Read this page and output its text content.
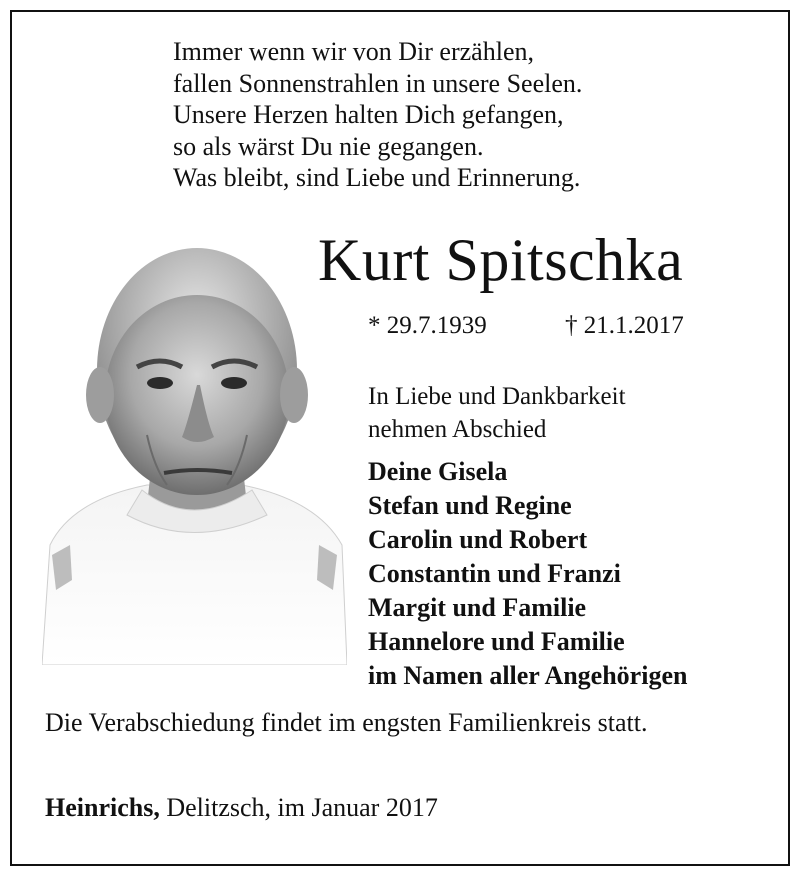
Immer wenn wir von Dir erzählen,
fallen Sonnenstrahlen in unsere Seelen.
Unsere Herzen halten Dich gefangen,
so als wärst Du nie gegangen.
Was bleibt, sind Liebe und Erinnerung.
Kurt Spitschka
* 29.7.1939	† 21.1.2017
In Liebe und Dankbarkeit
nehmen Abschied
Deine Gisela
Stefan und Regine
Carolin und Robert
Constantin und Franzi
Margit und Familie
Hannelore und Familie
im Namen aller Angehörigen
Die Verabschiedung findet im engsten Familienkreis statt.
Heinrichs, Delitzsch, im Januar 2017
